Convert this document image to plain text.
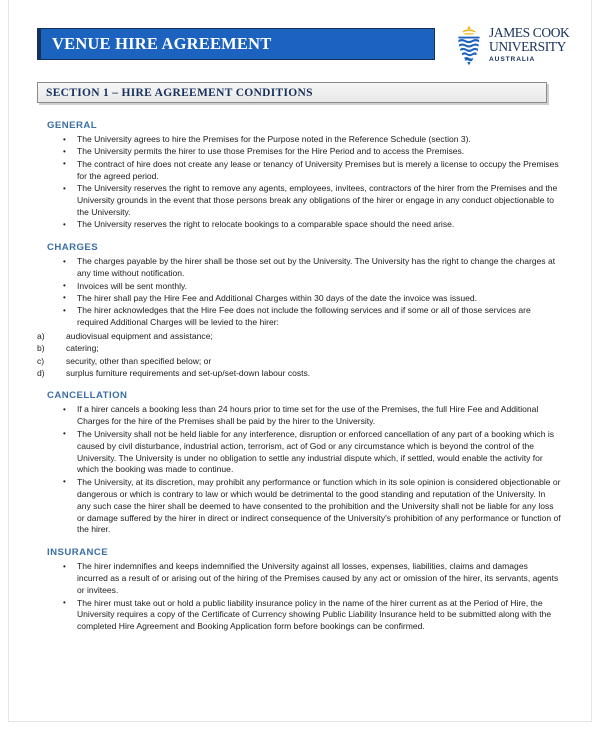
VENUE HIRE AGREEMENT
JAMES COOK
UNIVERSITY
AUSTRALIA
SECTION 1 – HIRE AGREEMENT CONDITIONS
GENERAL
• The University agrees to hire the Premises for the Purpose noted in the Reference Schedule (section 3).
• The University permits the hirer to use those Premises for the Hire Period and to access the Premises.
• The contract of hire does not create any lease or tenancy of University Premises but is merely a license to occupy the Premises for the agreed period.
• The University reserves the right to remove any agents, employees, invitees, contractors of the hirer from the Premises and the University grounds in the event that those persons break any obligations of the hirer or engage in any conduct objectionable to the University.
• The University reserves the right to relocate bookings to a comparable space should the need arise.
CHARGES
• The charges payable by the hirer shall be those set out by the University. The University has the right to change the charges at any time without notification.
• Invoices will be sent monthly.
• The hirer shall pay the Hire Fee and Additional Charges within 30 days of the date the invoice was issued.
• The hirer acknowledges that the Hire Fee does not include the following services and if some or all of those services are required Additional Charges will be levied to the hirer:
a)	audiovisual equipment and assistance;
b)	catering;
c)	security, other than specified below; or
d)	surplus furniture requirements and set-up/set-down labour costs.
CANCELLATION
• If a hirer cancels a booking less than 24 hours prior to time set for the use of the Premises, the full Hire Fee and Additional Charges for the hire of the Premises shall be paid by the hirer to the University.
• The University shall not be held liable for any interference, disruption or enforced cancellation of any part of a booking which is caused by civil disturbance, industrial action, terrorism, act of God or any circumstance which is beyond the control of the University. The University is under no obligation to settle any industrial dispute which, if settled, would enable the activity for which the booking was made to continue.
• The University, at its discretion, may prohibit any performance or function which in its sole opinion is considered objectionable or dangerous or which is contrary to law or which would be detrimental to the good standing and reputation of the University. In any such case the hirer shall be deemed to have consented to the prohibition and the University shall not be liable for any loss or damage suffered by the hirer in direct or indirect consequence of the University's prohibition of any performance or function of the hirer.
INSURANCE
• The hirer indemnifies and keeps indemnified the University against all losses, expenses, liabilities, claims and damages incurred as a result of or arising out of the hiring of the Premises caused by any act or omission of the hirer, its servants, agents or invitees.
• The hirer must take out or hold a public liability insurance policy in the name of the hirer current as at the Period of Hire, the University requires a copy of the Certificate of Currency showing Public Liability Insurance held to be submitted along with the completed Hire Agreement and Booking Application form before bookings can be confirmed.
